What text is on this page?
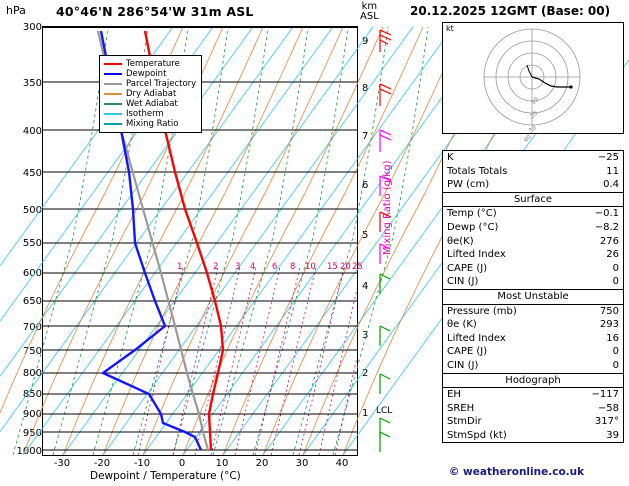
hPa 40°46'N 286°54'W 31m ASL	km
ASL
300
350
400
450
500
550
600
650
700
750
800
850
900
950
1000
9
8
7
6
5
4
3
2
1
-30	-20	-10	0	10	20	30	40
Dewpoint / Temperature (°C)
Temperature
Dewpoint
Parcel Trajectory
Dry Adiabat
Wet Adiabat
Isotherm
Mixing Ratio
1	2 3 4 6 8 10 15 20 25
Mixing Ratio (g/kg)
LCL
20.12.2025 12GMT (Base: 00)
kt
10
20
30
40
K	−25
Totals Totals	11
PW (cm)	0.4
Surface
Temp (°C)	−0.1
Dewp (°C)	−8.2
θe(K)	276
Lifted Index	26
CAPE (J)	0
CIN (J)	0
Most Unstable
Pressure (mb)	750
θe (K)	293
Lifted Index	16
CAPE (J)	0
CIN (J)	0
Hodograph
EH	−117
SREH	−58
StmDir	317°
StmSpd (kt)	39
© weatheronline.co.uk
